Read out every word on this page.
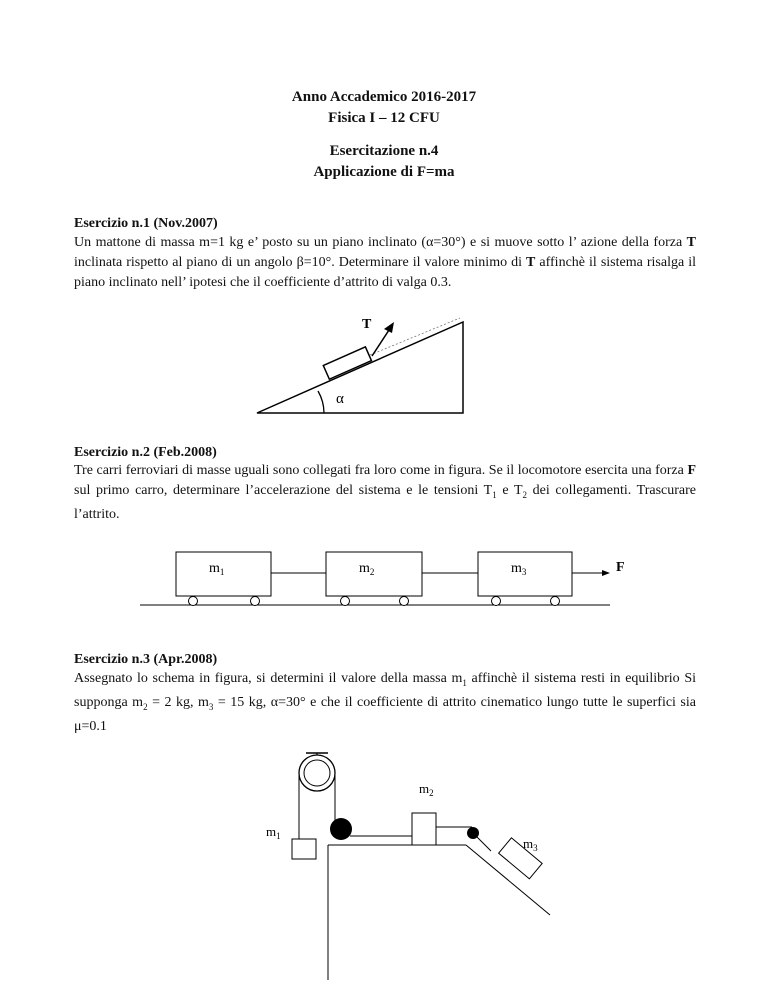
Anno Accademico 2016-2017
Fisica I – 12 CFU
Esercitazione n.4
Applicazione di F=ma
Esercizio n.1 (Nov.2007)
Un mattone di massa m=1 kg e’ posto su un piano inclinato (α=30°) e si muove sotto l’ azione della forza T inclinata rispetto al piano di un angolo β=10°. Determinare il valore minimo di T affinchè il sistema risalga il piano inclinato nell’ ipotesi che il coefficiente d’attrito di valga 0.3.
T
α
Esercizio n.2 (Feb.2008)
Tre carri ferroviari di masse uguali sono collegati fra loro come in figura. Se il locomotore esercita una forza F sul primo carro, determinare l’accelerazione del sistema e le tensioni $T_1$ e $T_2$ dei collegamenti. Trascurare l’attrito.
$m_1$	$m_2$	$m_3$	F
Esercizio n.3 (Apr.2008)
Assegnato lo schema in figura, si determini il valore della massa $m_1$ affinchè il sistema resti in equilibrio Si supponga $m_2 = 2$ kg, $m_3 = 15$ kg, α=30° e che il coefficiente di attrito cinematico lungo tutte le superfici sia μ=0.1
$m_1$
$m_2$
$m_3$
